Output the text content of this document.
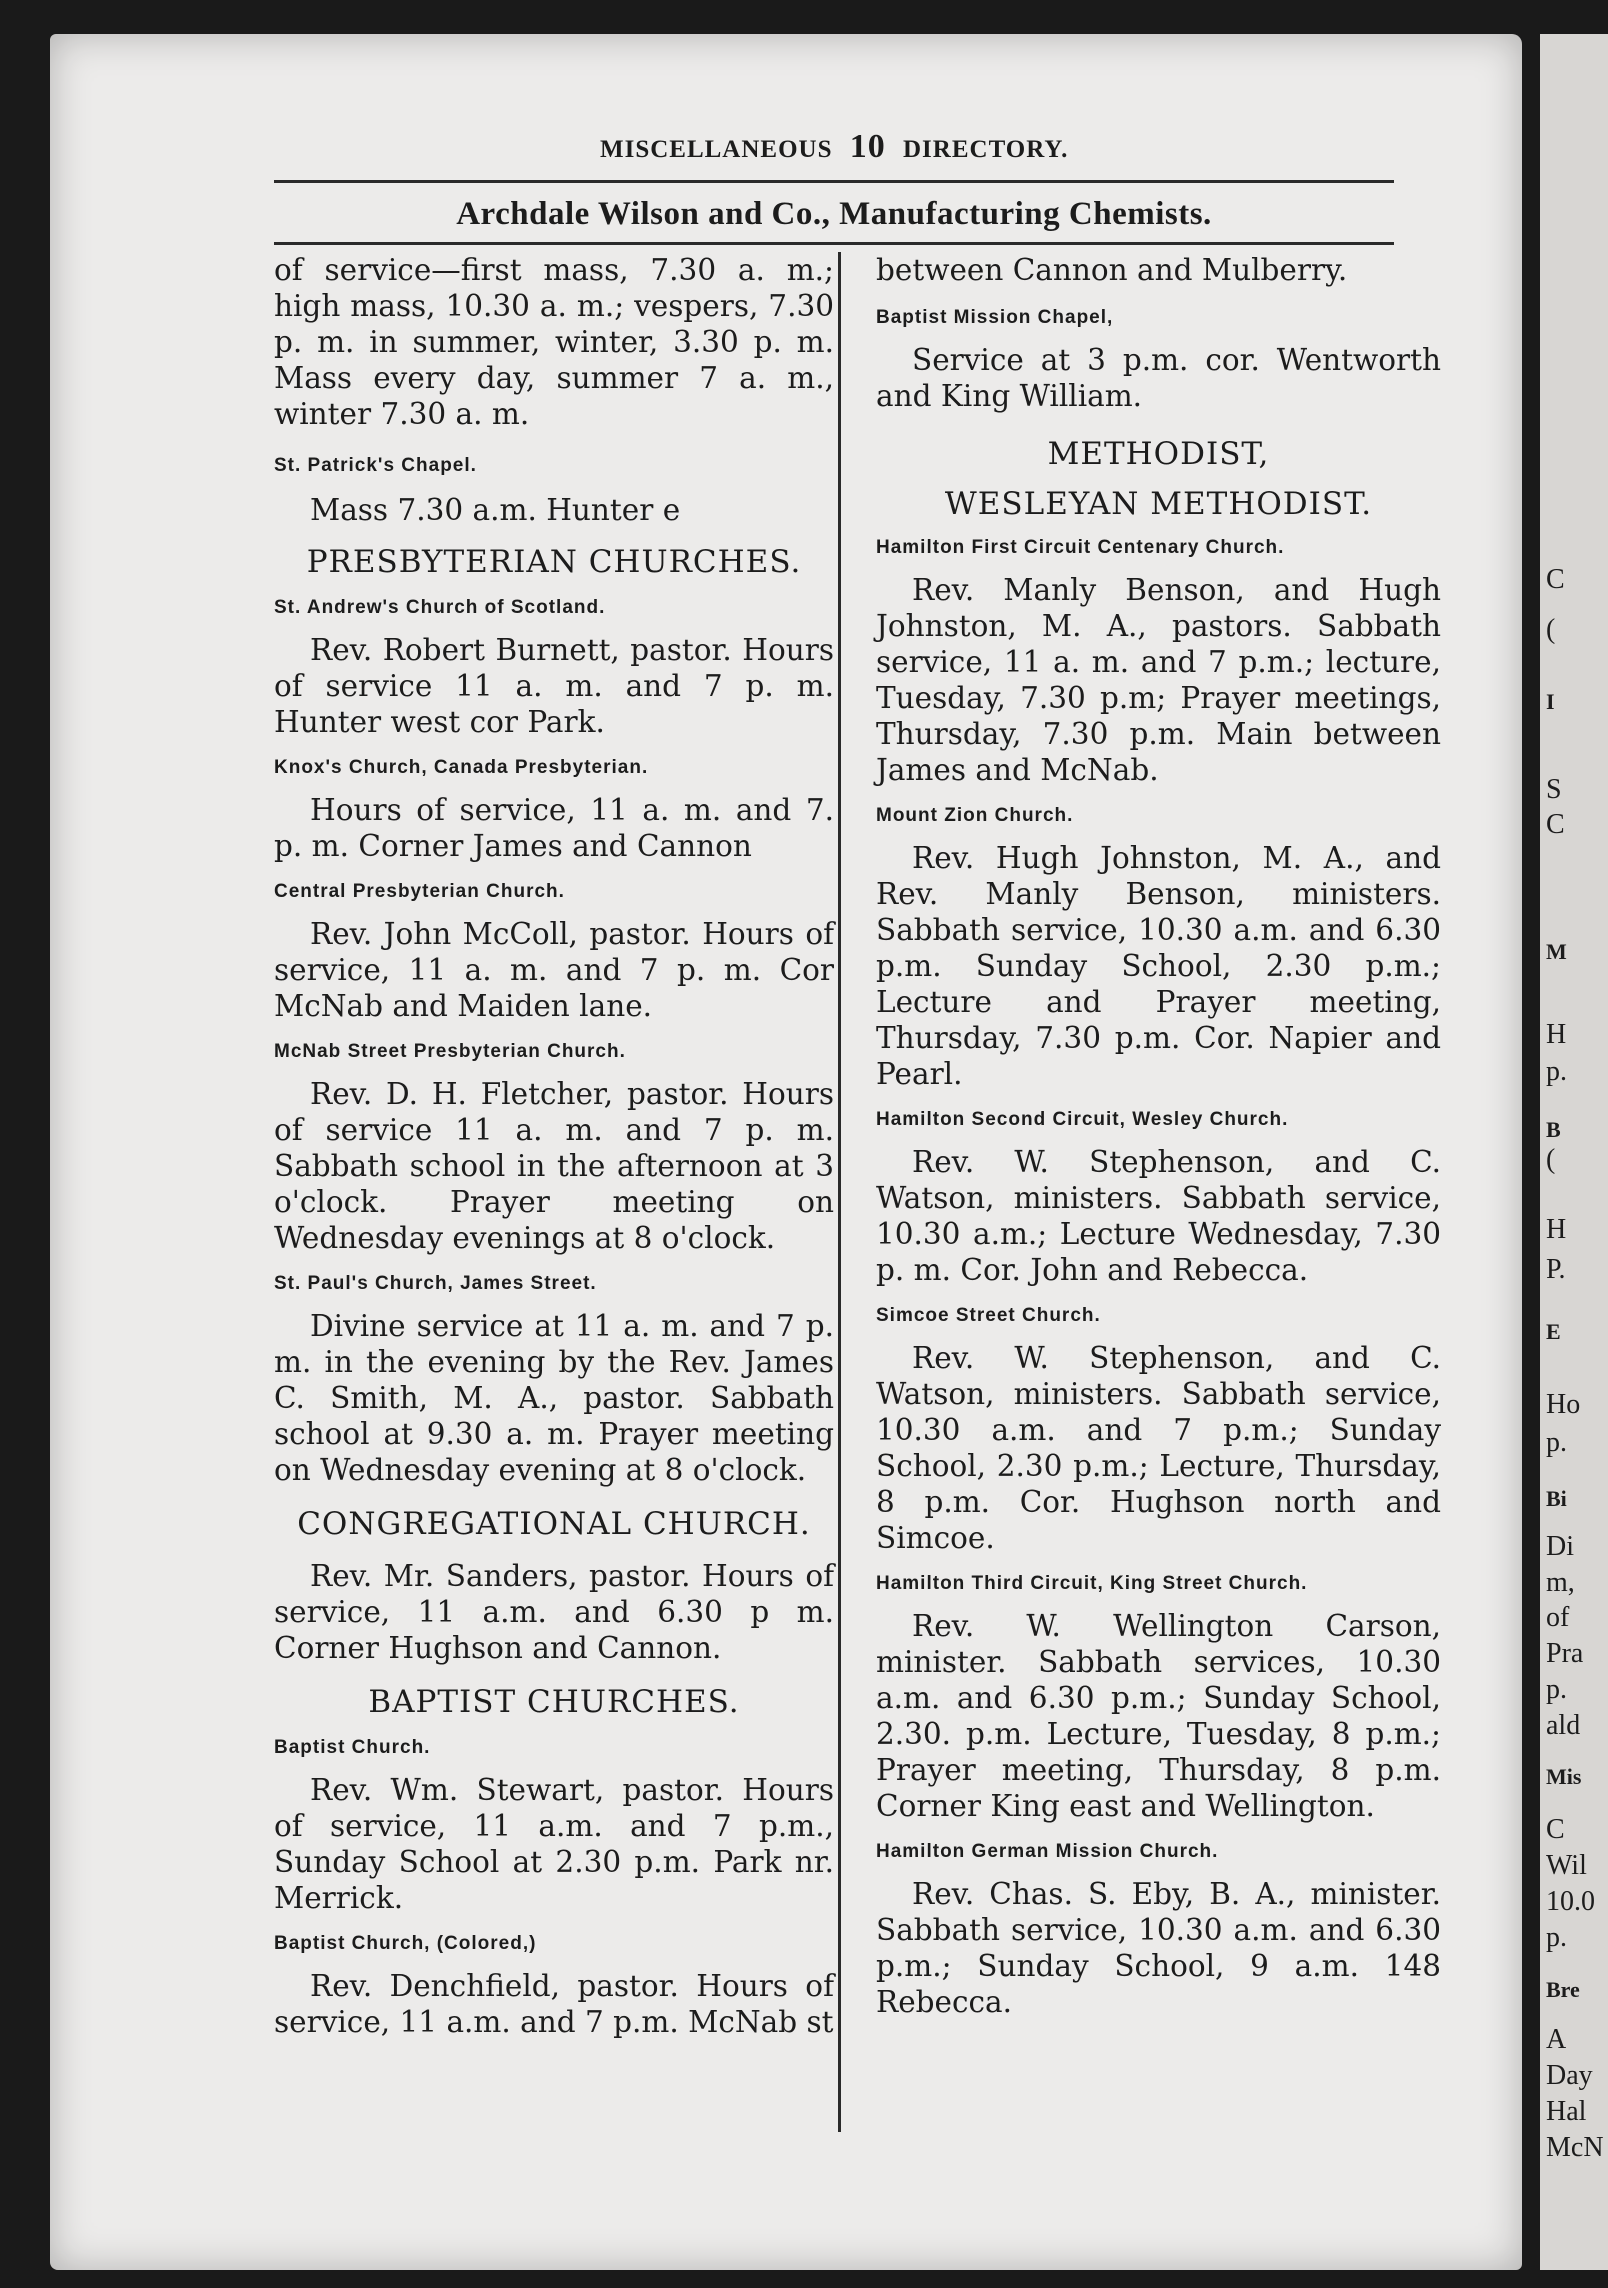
C
(
I
S
C
M
H
p.
B
(
H
P.
E
Ho
p.
Bi
Di
m,
of
Pra
p.
ald
Mis
C
Wil
10.0
p.
Bre
A
Day
Hal
McN
MISCELLANEOUS 10 DIRECTORY.
Archdale Wilson and Co., Manufacturing Chemists.

of service—first mass, 7.30 a. m.; high mass, 10.30 a. m.; vespers, 7.30 p. m. in summer, winter, 3.30 p. m. Mass every day, summer 7 a. m., winter 7.30 a. m.

St. Patrick's Chapel.

Mass 7.30 a.m. Hunter e

PRESBYTERIAN CHURCHES.
St. Andrew's Church of Scotland.

Rev. Robert Burnett, pastor. Hours of service 11 a. m. and 7 p. m. Hunter west cor Park.

Knox's Church, Canada Presbyterian.

Hours of service, 11 a. m. and 7. p. m. Corner James and Cannon

Central Presbyterian Church.

Rev. John McColl, pastor. Hours of service, 11 a. m. and 7 p. m. Cor McNab and Maiden lane.

McNab Street Presbyterian Church.

Rev. D. H. Fletcher, pastor. Hours of service 11 a. m. and 7 p. m. Sabbath school in the afternoon at 3 o'clock. Prayer meeting on Wednesday evenings at 8 o'clock.

St. Paul's Church, James Street.

Divine service at 11 a. m. and 7 p. m. in the evening by the Rev. James C. Smith, M. A., pastor. Sabbath school at 9.30 a. m. Prayer meeting on Wednesday evening at 8 o'clock.

CONGREGATIONAL CHURCH.

Rev. Mr. Sanders, pastor. Hours of service, 11 a.m. and 6.30 p m. Corner Hughson and Cannon.

BAPTIST CHURCHES.
Baptist Church.

Rev. Wm. Stewart, pastor. Hours of service, 11 a.m. and 7 p.m., Sunday School at 2.30 p.m. Park nr. Merrick.

Baptist Church, (Colored,)

Rev. Denchfield, pastor. Hours of service, 11 a.m. and 7 p.m. McNab st

between Cannon and Mulberry.

Baptist Mission Chapel,

Service at 3 p.m. cor. Wentworth and King William.

METHODIST,
WESLEYAN METHODIST.
Hamilton First Circuit Centenary Church.

Rev. Manly Benson, and Hugh Johnston, M. A., pastors. Sabbath service, 11 a. m. and 7 p.m.; lecture, Tuesday, 7.30 p.m; Prayer meetings, Thursday, 7.30 p.m. Main between James and McNab.

Mount Zion Church.

Rev. Hugh Johnston, M. A., and Rev. Manly Benson, ministers. Sabbath service, 10.30 a.m. and 6.30 p.m. Sunday School, 2.30 p.m.; Lecture and Prayer meeting, Thursday, 7.30 p.m. Cor. Napier and Pearl.

Hamilton Second Circuit, Wesley Church.

Rev. W. Stephenson, and C. Watson, ministers. Sabbath service, 10.30 a.m.; Lecture Wednesday, 7.30 p. m. Cor. John and Rebecca.

Simcoe Street Church.

Rev. W. Stephenson, and C. Watson, ministers. Sabbath service, 10.30 a.m. and 7 p.m.; Sunday School, 2.30 p.m.; Lecture, Thursday, 8 p.m. Cor. Hughson north and Simcoe.

Hamilton Third Circuit, King Street Church.

Rev. W. Wellington Carson, minister. Sabbath services, 10.30 a.m. and 6.30 p.m.; Sunday School, 2.30. p.m. Lecture, Tuesday, 8 p.m.; Prayer meeting, Thursday, 8 p.m. Corner King east and Wellington.

Hamilton German Mission Church.

Rev. Chas. S. Eby, B. A., minister. Sabbath service, 10.30 a.m. and 6.30 p.m.; Sunday School, 9 a.m. 148 Rebecca.
